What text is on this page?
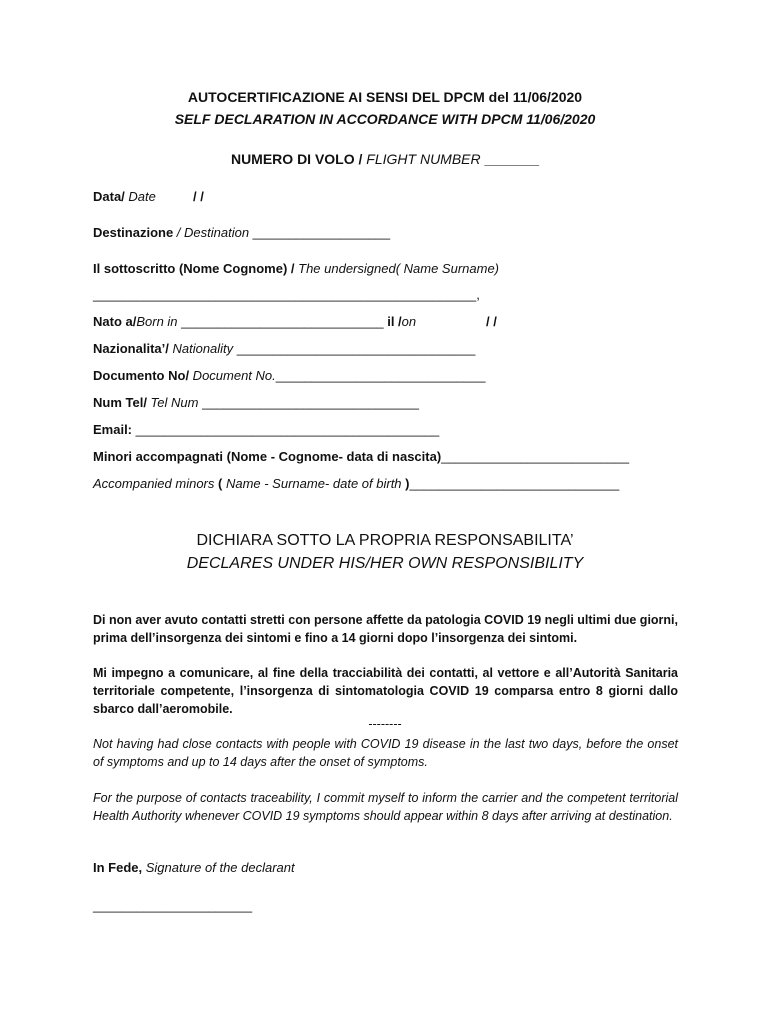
AUTOCERTIFICAZIONE AI SENSI DEL DPCM del 11/06/2020
SELF DECLARATION IN ACCORDANCE WITH DPCM 11/06/2020
NUMERO DI VOLO / FLIGHT NUMBER _______
Data/ Date	/ /
Destinazione / Destination ___________________
Il sottoscritto (Nome Cognome) / The undersigned( Name Surname)
_____________________________________________________,
Nato a/Born in ____________________________ il /on	/ /
Nazionalita’/ Nationality _________________________________
Documento No/ Document No._____________________________
Num Tel/ Tel Num ______________________________
Email: __________________________________________
Minori accompagnati (Nome - Cognome- data di nascita)__________________________
Accompanied minors ( Name - Surname- date of birth )_____________________________
DICHIARA SOTTO LA PROPRIA RESPONSABILITA’
DECLARES UNDER HIS/HER OWN RESPONSIBILITY
Di non aver avuto contatti stretti con persone affette da patologia COVID 19 negli ultimi due giorni, prima dell’insorgenza dei sintomi e fino a 14 giorni dopo l’insorgenza dei sintomi.
Mi impegno a comunicare, al fine della tracciabilità dei contatti, al vettore e all’Autorità Sanitaria territoriale competente, l’insorgenza di sintomatologia COVID 19 comparsa entro 8 giorni dallo sbarco dall’aeromobile.
--------
Not having had close contacts with people with COVID 19 disease in the last two days, before the onset of symptoms and up to 14 days after the onset of symptoms.
For the purpose of contacts traceability, I commit myself to inform the carrier and the competent territorial Health Authority whenever COVID 19 symptoms should appear within 8 days after arriving at destination.
In Fede, Signature of the declarant
______________________
